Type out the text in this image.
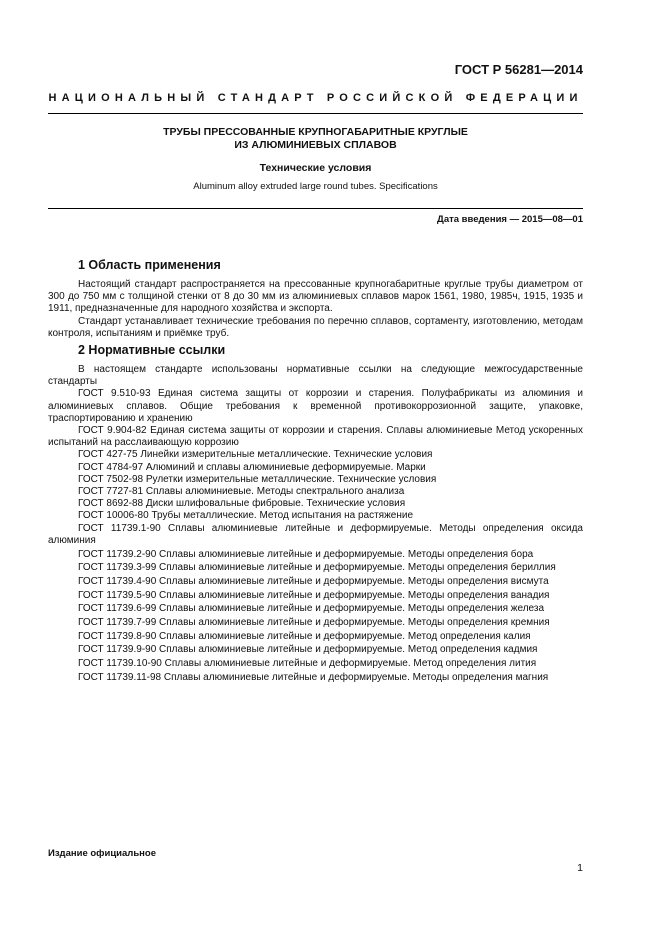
ГОСТ Р 56281—2014
НАЦИОНАЛЬНЫЙ СТАНДАРТ РОССИЙСКОЙ ФЕДЕРАЦИИ
ТРУБЫ ПРЕССОВАННЫЕ КРУПНОГАБАРИТНЫЕ КРУГЛЫЕ
ИЗ АЛЮМИНИЕВЫХ СПЛАВОВ
Технические условия
Aluminum alloy extruded large round tubes. Specifications
Дата введения — 2015—08—01
1 Область применения

Настоящий стандарт распространяется на прессованные крупногабаритные круглые трубы диаметром от 300 до 750 мм с толщиной стенки от 8 до 30 мм из алюминиевых сплавов марок 1561, 1980, 1985ч, 1915, 1935 и 1911, предназначенные для народного хозяйства и экспорта.

Стандарт устанавливает технические требования по перечню сплавов, сортаменту, изготовлению, методам контроля, испытаниям и приёмке труб.

2 Нормативные ссылки

В настоящем стандарте использованы нормативные ссылки на следующие межгосударственные стандарты

ГОСТ 9.510-93 Единая система защиты от коррозии и старения. Полуфабрикаты из алюминия и алюминиевых сплавов. Общие требования к временной противокоррозионной защите, упаковке, траспортированию и хранению

ГОСТ 9.904-82 Единая система защиты от коррозии и старения. Сплавы алюминиевые Метод ускоренных испытаний на расслаивающую коррозию

ГОСТ 427-75 Линейки измерительные металлические. Технические условия

ГОСТ 4784-97 Алюминий и сплавы алюминиевые деформируемые. Марки

ГОСТ 7502-98 Рулетки измерительные металлические. Технические условия

ГОСТ 7727-81 Сплавы алюминиевые. Методы спектрального анализа

ГОСТ 8692-88 Диски шлифовальные фибровые. Технические условия

ГОСТ 10006-80 Трубы металлические. Метод испытания на растяжение

ГОСТ 11739.1-90 Сплавы алюминиевые литейные и деформируемые. Методы определения оксида алюминия

ГОСТ 11739.2-90 Сплавы алюминиевые литейные и деформируемые. Методы определения бора

ГОСТ 11739.3-99 Сплавы алюминиевые литейные и деформируемые. Методы определения бериллия

ГОСТ 11739.4-90 Сплавы алюминиевые литейные и деформируемые. Методы определения висмута

ГОСТ 11739.5-90 Сплавы алюминиевые литейные и деформируемые. Методы определения ванадия

ГОСТ 11739.6-99 Сплавы алюминиевые литейные и деформируемые. Методы определения железа

ГОСТ 11739.7-99 Сплавы алюминиевые литейные и деформируемые. Методы определения кремния

ГОСТ 11739.8-90 Сплавы алюминиевые литейные и деформируемые. Метод определения калия

ГОСТ 11739.9-90 Сплавы алюминиевые литейные и деформируемые. Метод определения кадмия

ГОСТ 11739.10-90 Сплавы алюминиевые литейные и деформируемые. Метод определения лития

ГОСТ 11739.11-98 Сплавы алюминиевые литейные и деформируемые. Методы определения магния

Издание официальное
1
